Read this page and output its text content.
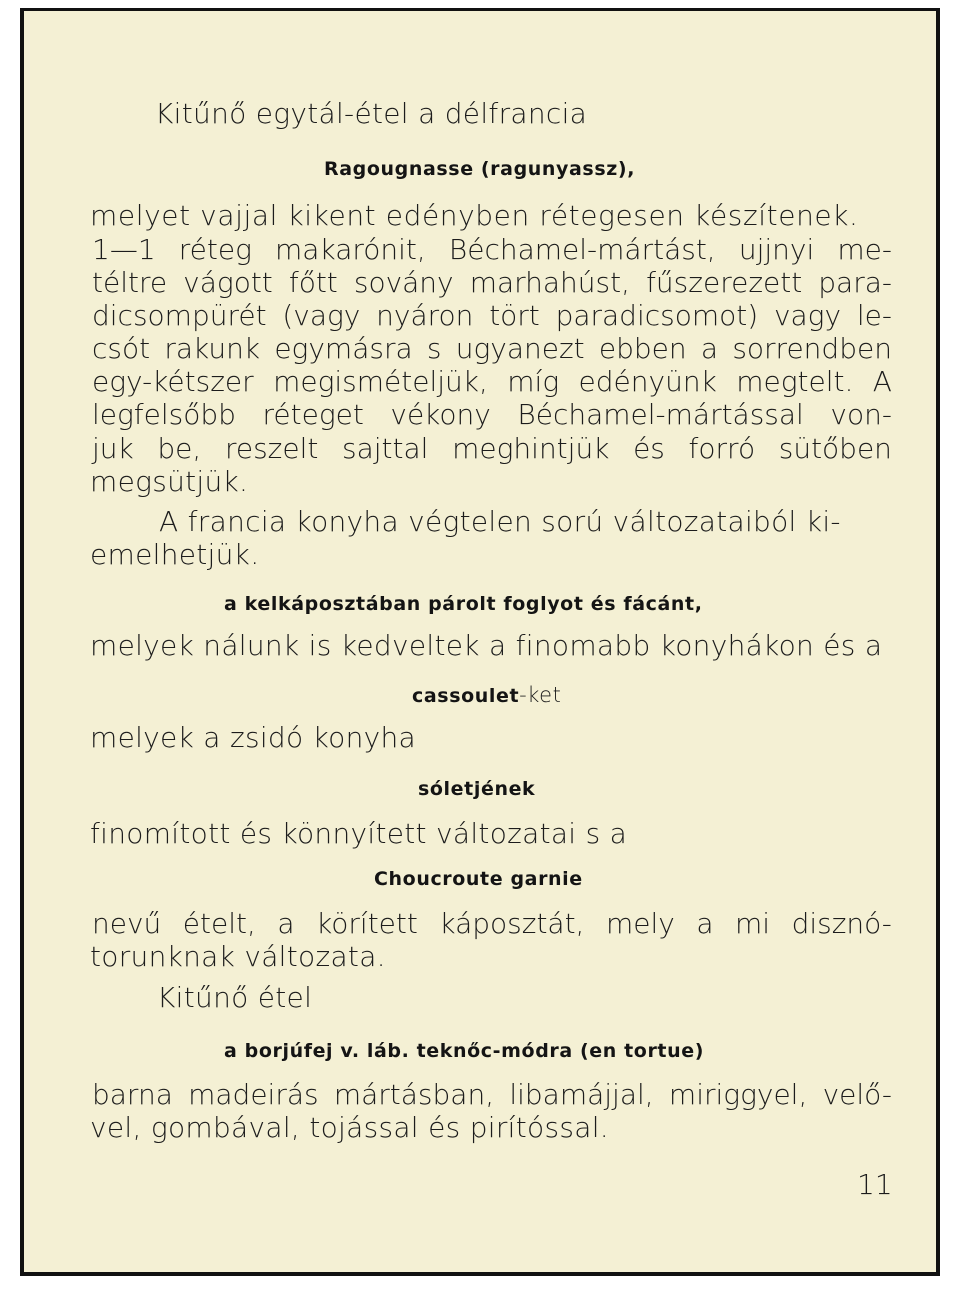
Kitűnő egytál-étel a délfrancia
Ragougnasse (ragunyassz),
melyet vajjal kikent edényben rétegesen készítenek.
1—1 réteg makarónit, Béchamel-mártást, ujjnyi me-
téltre vágott főtt sovány marhahúst, fűszerezett para-
dicsompürét (vagy nyáron tört paradicsomot) vagy le-
csót rakunk egymásra s ugyanezt ebben a sorrendben
egy-kétszer megismételjük, míg edényünk megtelt. A
legfelsőbb réteget vékony Béchamel-mártással von-
juk be, reszelt sajttal meghintjük és forró sütőben
megsütjük.
A francia konyha végtelen sorú változataiból ki-
emelhetjük.
a kelkáposztában párolt foglyot és fácánt,
melyek nálunk is kedveltek a finomabb konyhákon és a
cassoulet-ket
melyek a zsidó konyha
sóletjének
finomított és könnyített változatai s a
Choucroute garnie
nevű ételt, a körített káposztát, mely a mi disznó-
torunknak változata.
Kitűnő étel
a borjúfej v. láb. teknőc-módra (en tortue)
barna madeirás mártásban, libamájjal, miriggyel, velő-
vel, gombával, tojással és pirítóssal.
11
